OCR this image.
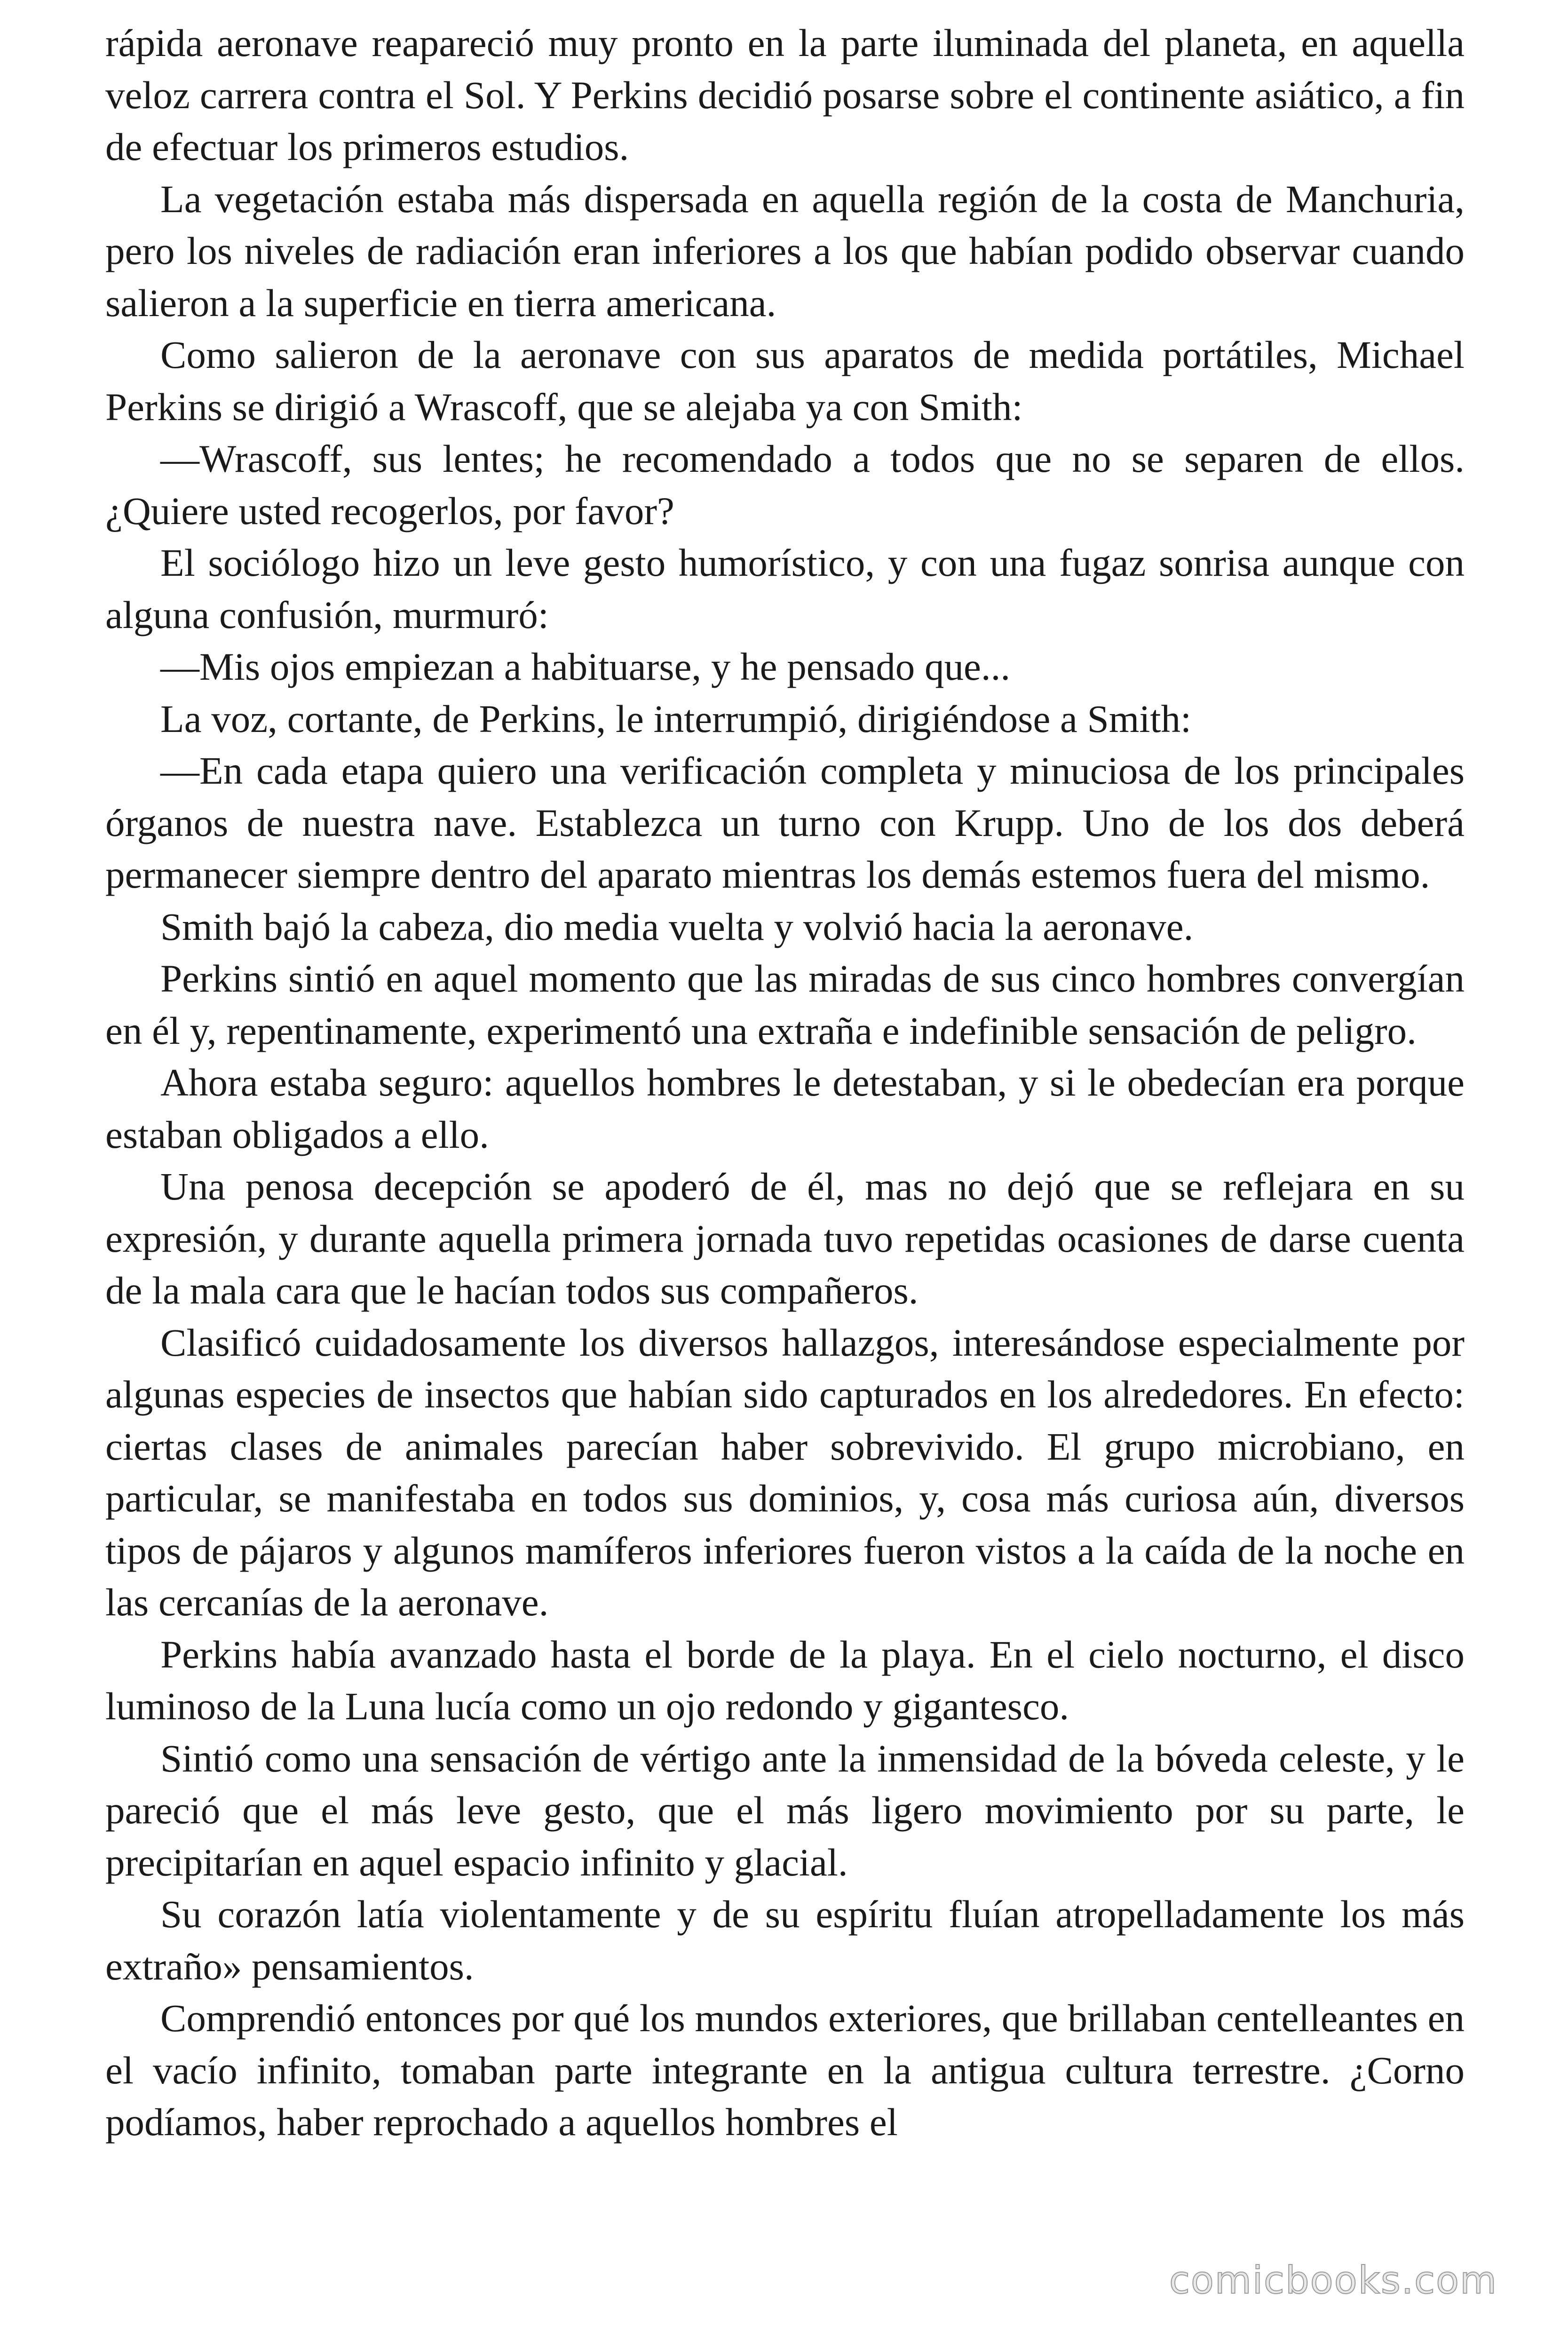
rápida aeronave reapareció muy pronto en la parte iluminada del planeta, en aquella veloz carrera contra el Sol. Y Perkins decidió posarse sobre el continente asiático, a fin de efectuar los primeros estudios.

La vegetación estaba más dispersada en aquella región de la costa de Manchuria, pero los niveles de radiación eran inferiores a los que habían podido observar cuando salieron a la superficie en tierra americana.

Como salieron de la aeronave con sus aparatos de medida portátiles, Michael Perkins se dirigió a Wrascoff, que se alejaba ya con Smith:

—Wrascoff, sus lentes; he recomendado a todos que no se separen de ellos. ¿Quiere usted recogerlos, por favor?

El sociólogo hizo un leve gesto humorístico, y con una fugaz sonrisa aunque con alguna confusión, murmuró:

—Mis ojos empiezan a habituarse, y he pensado que...

La voz, cortante, de Perkins, le interrumpió, dirigiéndose a Smith:

—En cada etapa quiero una verificación completa y minuciosa de los principales órganos de nuestra nave. Establezca un turno con Krupp. Uno de los dos deberá permanecer siempre dentro del aparato mientras los demás estemos fuera del mismo.

Smith bajó la cabeza, dio media vuelta y volvió hacia la aeronave.

Perkins sintió en aquel momento que las miradas de sus cinco hombres convergían en él y, repentinamente, experimentó una extraña e indefinible sensación de peligro.

Ahora estaba seguro: aquellos hombres le detestaban, y si le obedecían era porque estaban obligados a ello.

Una penosa decepción se apoderó de él, mas no dejó que se reflejara en su expresión, y durante aquella primera jornada tuvo repetidas ocasiones de darse cuenta de la mala cara que le hacían todos sus compañeros.

Clasificó cuidadosamente los diversos hallazgos, interesándose especialmente por algunas especies de insectos que habían sido capturados en los alrededores. En efecto: ciertas clases de animales parecían haber sobrevivido. El grupo microbiano, en particular, se manifestaba en todos sus dominios, y, cosa más curiosa aún, diversos tipos de pájaros y algunos mamíferos inferiores fueron vistos a la caída de la noche en las cercanías de la aeronave.

Perkins había avanzado hasta el borde de la playa. En el cielo nocturno, el disco luminoso de la Luna lucía como un ojo redondo y gigantesco.

Sintió como una sensación de vértigo ante la inmensidad de la bóveda celeste, y le pareció que el más leve gesto, que el más ligero movimiento por su parte, le precipitarían en aquel espacio infinito y glacial.

Su corazón latía violentamente y de su espíritu fluían atropelladamente los más extraño» pensamientos.

Comprendió entonces por qué los mundos exteriores, que brillaban centelleantes en el vacío infinito, tomaban parte integrante en la antigua cultura terrestre. ¿Corno podíamos, haber reprochado a aquellos hombres el

comicbooks.com
